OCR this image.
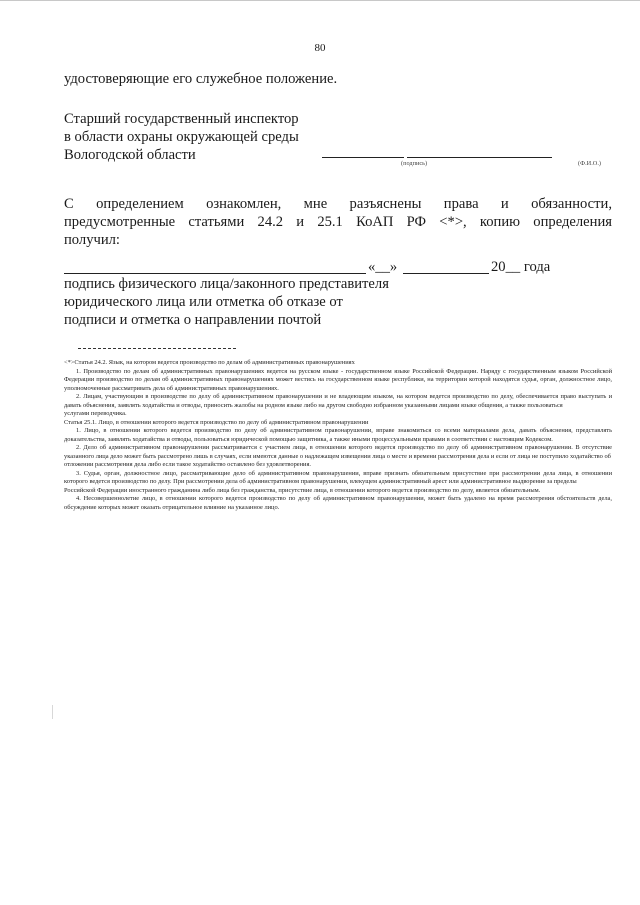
80
удостоверяющие его служебное положение.
Старший государственный инспектор
в области охраны окружающей среды
Вологодской области
(подпись)	(Ф.И.О.)
С определением ознакомлен, мне разъяснены права и обязанности,
предусмотренные статьями 24.2 и 25.1 КоАП РФ <*>, копию определения
получил:
«__»	20__ года
подпись физического лица/законного представителя
юридического лица или отметка об отказе от
подписи и отметка о направлении почтой

<*>Статья 24.2. Язык, на котором ведется производство по делам об административных правонарушениях

1. Производство по делам об административных правонарушениях ведется на русском языке - государственном языке Российской Федерации. Наряду с государственным языком Российской Федерации производство по делам об административных правонарушениях может вестись на государственном языке республики, на территории которой находятся судья, орган, должностное лицо, уполномоченные рассматривать дела об административных правонарушениях.

2. Лицам, участвующим в производстве по делу об административном правонарушении и не владеющим языком, на котором ведется производство по делу, обеспечивается право выступать и давать объяснения, заявлять ходатайства и отводы, приносить жалобы на родном языке либо на другом свободно избранном указанными лицами языке общения, а также пользоваться

услугами переводчика.

Статья 25.1. Лицо, в отношении которого ведется производство по делу об административном правонарушении

1. Лицо, в отношении которого ведется производство по делу об административном правонарушении, вправе знакомиться со всеми материалами дела, давать объяснения, представлять доказательства, заявлять ходатайства и отводы, пользоваться юридической помощью защитника, а также иными процессуальными правами в соответствии с настоящим Кодексом.

2. Дело об административном правонарушении рассматривается с участием лица, в отношении которого ведется производство по делу об административном правонарушении. В отсутствие указанного лица дело может быть рассмотрено лишь в случаях, если имеются данные о надлежащем извещении лица о месте и времени рассмотрения дела и если от лица не поступило ходатайство об

отложении рассмотрения дела либо если такое ходатайство оставлено без удовлетворения.

3. Судья, орган, должностное лицо, рассматривающие дело об административном правонарушении, вправе признать обязательным присутствие при рассмотрении дела лица, в отношении которого ведется производство по делу. При рассмотрении дела об административном правонарушении, влекущем административный арест или административное выдворение за пределы

Российской Федерации иностранного гражданина либо лица без гражданства, присутствие лица, в отношении которого ведется производство по делу, является обязательным.

4. Несовершеннолетие лицо, в отношении которого ведется производство по делу об административном правонарушении, может быть удалено на время рассмотрения обстоятельств дела, обсуждение которых может оказать отрицательное влияние на указанное лицо.
